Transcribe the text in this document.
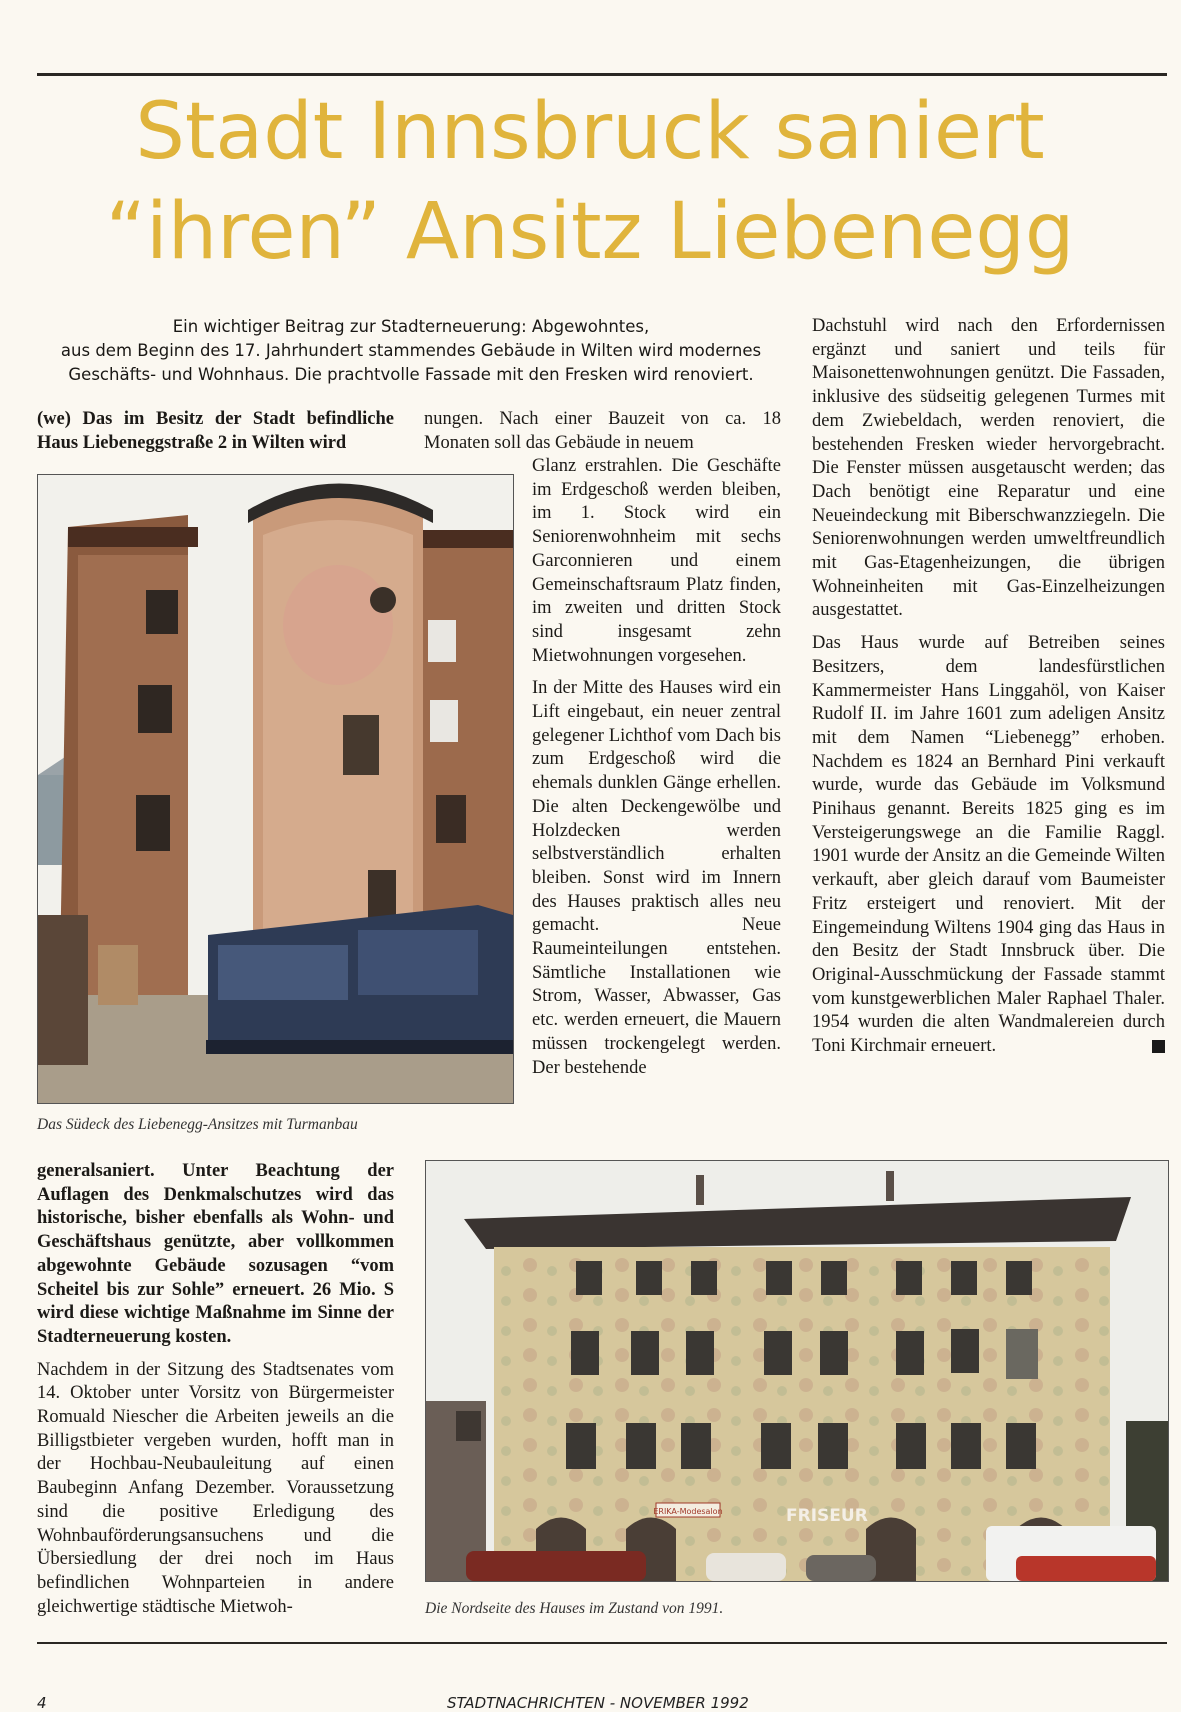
Stadt Innsbruck saniert
“ihren” Ansitz Liebenegg
Ein wichtiger Beitrag zur Stadterneuerung: Abgewohntes,
aus dem Beginn des 17. Jahrhundert stammendes Gebäude in Wilten wird modernes
Geschäfts- und Wohnhaus. Die prachtvolle Fassade mit den Fresken wird renoviert.
(we) Das im Besitz der Stadt befindliche Haus Liebeneggstraße 2 in Wilten wird
Das Südeck des Liebenegg-Ansitzes mit Turmanbau
nungen. Nach einer Bauzeit von ca. 18 Monaten soll das Gebäude in neuem

Glanz erstrahlen. Die Geschäfte im Erdgeschoß werden bleiben, im 1. Stock wird ein Seniorenwohnheim mit sechs Garconnieren und einem Gemeinschaftsraum Platz finden, im zweiten und dritten Stock sind insgesamt zehn Mietwohnungen vorgesehen.

In der Mitte des Hauses wird ein Lift eingebaut, ein neuer zentral gelegener Lichthof vom Dach bis zum Erdgeschoß wird die ehemals dunklen Gänge erhellen. Die alten Deckengewölbe und Holzdecken werden selbstverständlich erhalten bleiben. Sonst wird im Innern des Hauses praktisch alles neu gemacht. Neue Raumeinteilungen entstehen. Sämtliche Installationen wie Strom, Wasser, Abwasser, Gas etc. werden erneuert, die Mauern müssen trockengelegt werden. Der bestehende

Dachstuhl wird nach den Erfordernissen ergänzt und saniert und teils für Maisonettenwohnungen genützt. Die Fassaden, inklusive des südseitig gelegenen Turmes mit dem Zwiebeldach, werden renoviert, die bestehenden Fresken wieder hervorgebracht. Die Fenster müssen ausgetauscht werden; das Dach benötigt eine Reparatur und eine Neueindeckung mit Biberschwanzziegeln. Die Seniorenwohnungen werden umweltfreundlich mit Gas-Etagenheizungen, die übrigen Wohneinheiten mit Gas-Einzelheizungen ausgestattet.

Das Haus wurde auf Betreiben seines Besitzers, dem landesfürstlichen Kammermeister Hans Linggahöl, von Kaiser Rudolf II. im Jahre 1601 zum adeligen Ansitz mit dem Namen “Liebenegg” erhoben. Nachdem es 1824 an Bernhard Pini verkauft wurde, wurde das Gebäude im Volksmund Pinihaus genannt. Bereits 1825 ging es im Versteigerungswege an die Familie Raggl. 1901 wurde der Ansitz an die Gemeinde Wilten verkauft, aber gleich darauf vom Baumeister Fritz ersteigert und renoviert. Mit der Eingemeindung Wiltens 1904 ging das Haus in den Besitz der Stadt Innsbruck über. Die Original-Ausschmückung der Fassade stammt vom kunstgewerblichen Maler Raphael Thaler. 1954 wurden die alten Wandmalereien durch Toni Kirchmair erneuert.

generalsaniert. Unter Beachtung der Auflagen des Denkmalschutzes wird das historische, bisher ebenfalls als Wohn- und Geschäftshaus genützte, aber vollkommen abgewohnte Gebäude sozusagen “vom Scheitel bis zur Sohle” erneuert. 26 Mio. S wird diese wichtige Maßnahme im Sinne der Stadterneuerung kosten.

Nachdem in der Sitzung des Stadtsenates vom 14. Oktober unter Vorsitz von Bürgermeister Romuald Niescher die Arbeiten jeweils an die Billigstbieter vergeben wurden, hofft man in der Hochbau-Neubauleitung auf einen Baubeginn Anfang Dezember. Voraussetzung sind die positive Erledigung des Wohnbauförderungsansuchens und die Übersiedlung der drei noch im Haus befindlichen Wohnparteien in andere gleichwertige städtische Mietwoh-

ERIKA-Modesalon	FRISEUR
Die Nordseite des Hauses im Zustand von 1991.
4	STADTNACHRICHTEN - NOVEMBER 1992
